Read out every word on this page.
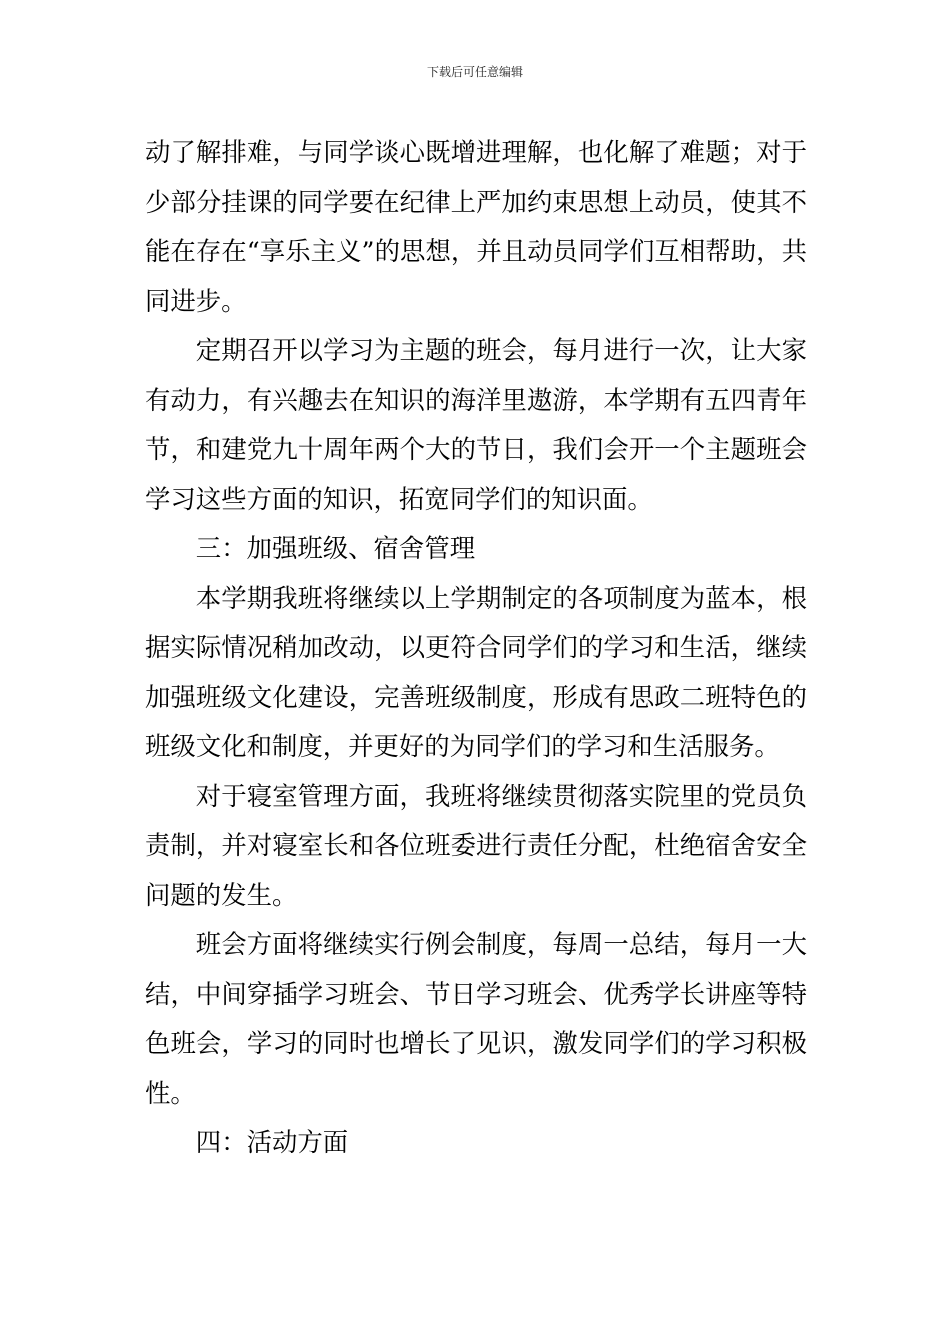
下载后可任意编辑

动了解排难，与同学谈心既增进理解，也化解了难题；对于少部分挂课的同学要在纪律上严加约束思想上动员，使其不能在存在“享乐主义”的思想，并且动员同学们互相帮助，共同进步。

定期召开以学习为主题的班会，每月进行一次，让大家有动力，有兴趣去在知识的海洋里遨游，本学期有五四青年节，和建党九十周年两个大的节日，我们会开一个主题班会学习这些方面的知识，拓宽同学们的知识面。

三：加强班级、宿舍管理

本学期我班将继续以上学期制定的各项制度为蓝本，根据实际情况稍加改动，以更符合同学们的学习和生活，继续加强班级文化建设，完善班级制度，形成有思政二班特色的班级文化和制度，并更好的为同学们的学习和生活服务。

对于寝室管理方面，我班将继续贯彻落实院里的党员负责制，并对寝室长和各位班委进行责任分配，杜绝宿舍安全问题的发生。

班会方面将继续实行例会制度，每周一总结，每月一大结，中间穿插学习班会、节日学习班会、优秀学长讲座等特色班会，学习的同时也增长了见识，激发同学们的学习积极性。

四：活动方面
